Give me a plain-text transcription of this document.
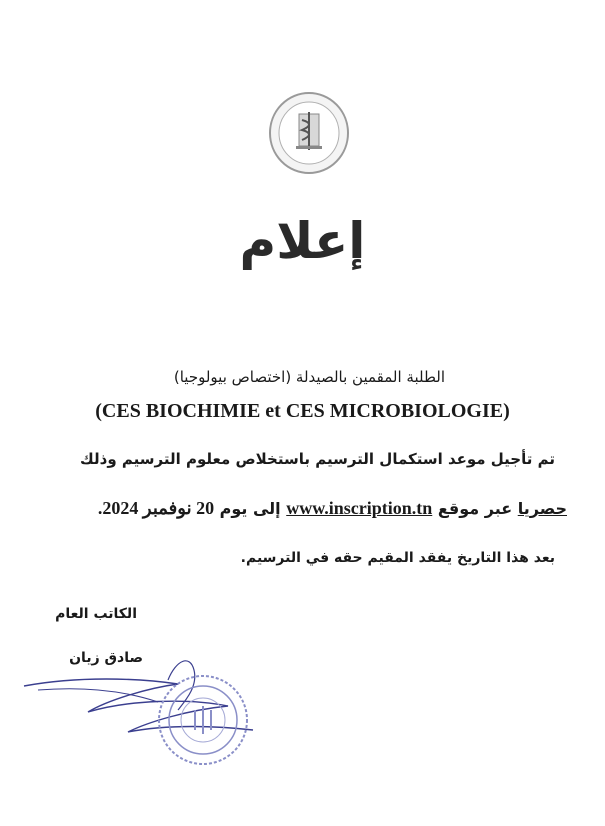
إعلام
الطلبة المقمين بالصيدلة (اختصاص بيولوجيا)
(CES BIOCHIMIE et CES MICROBIOLOGIE)
تم تأجيل موعد استكمال الترسيم باستخلاص معلوم الترسيم وذلك
حصريا عبر موقع www.inscription.tn إلى يوم 20 نوفمبر 2024.
بعد هذا التاريخ يفقد المقيم حقه في الترسيم.
الكاتب العام
صادق زيان
